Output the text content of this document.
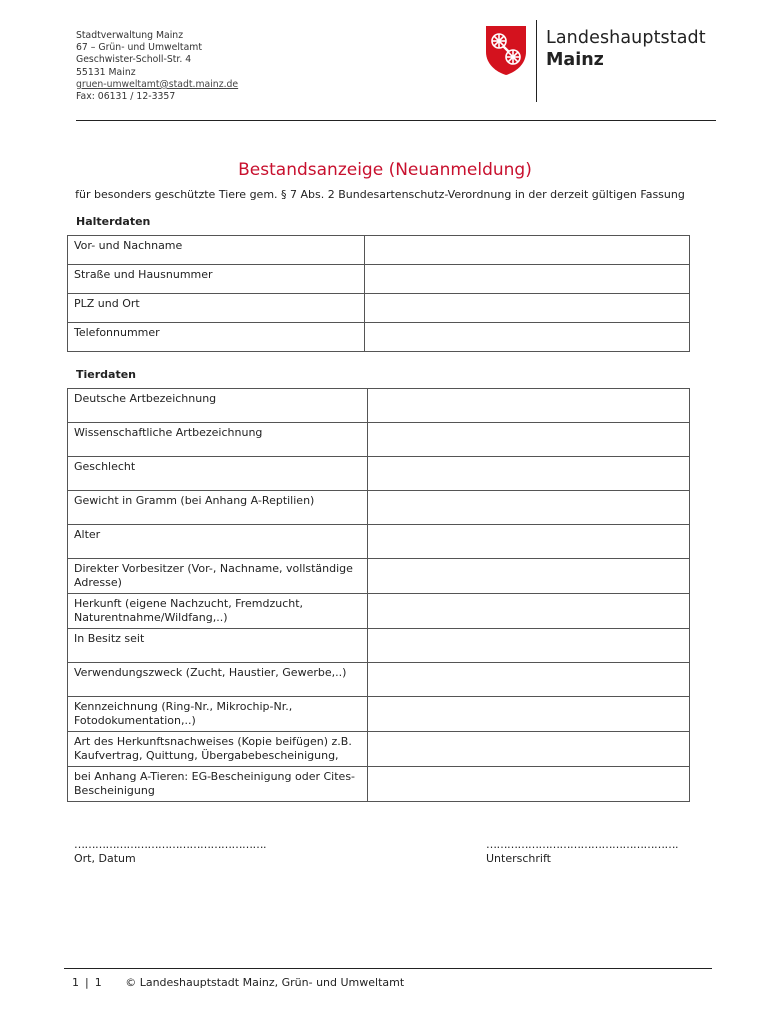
Stadtverwaltung Mainz
67 – Grün- und Umweltamt
Geschwister-Scholl-Str. 4
55131 Mainz
gruen-umweltamt@stadt.mainz.de
Fax: 06131 / 12-3357
Landeshauptstadt
Mainz
Bestandsanzeige (Neuanmeldung)
für besonders geschützte Tiere gem. § 7 Abs. 2 Bundesartenschutz-Verordnung in der derzeit gültigen Fassung
Halterdaten
Vor- und Nachname	
Straße und Hausnummer	
PLZ und Ort	
Telefonnummer	
Tierdaten
Deutsche Artbezeichnung	
Wissenschaftliche Artbezeichnung	
Geschlecht	
Gewicht in Gramm (bei Anhang A-Reptilien)	
Alter	
Direkter Vorbesitzer (Vor-, Nachname, vollständige Adresse)	
Herkunft (eigene Nachzucht, Fremdzucht, Naturentnahme/Wildfang,..)	
In Besitz seit	
Verwendungszweck (Zucht, Haustier, Gewerbe,..)	
Kennzeichnung (Ring-Nr., Mikrochip-Nr., Fotodokumentation,..)	
Art des Herkunftsnachweises (Kopie beifügen) z.B. Kaufvertrag, Quittung, Übergabebescheinigung,	
bei Anhang A-Tieren: EG-Bescheinigung oder Cites-Bescheinigung	
……………………………………………….
Ort, Datum
……………………………………………….
Unterschrift
1 | 1 © Landeshauptstadt Mainz, Grün- und Umweltamt
